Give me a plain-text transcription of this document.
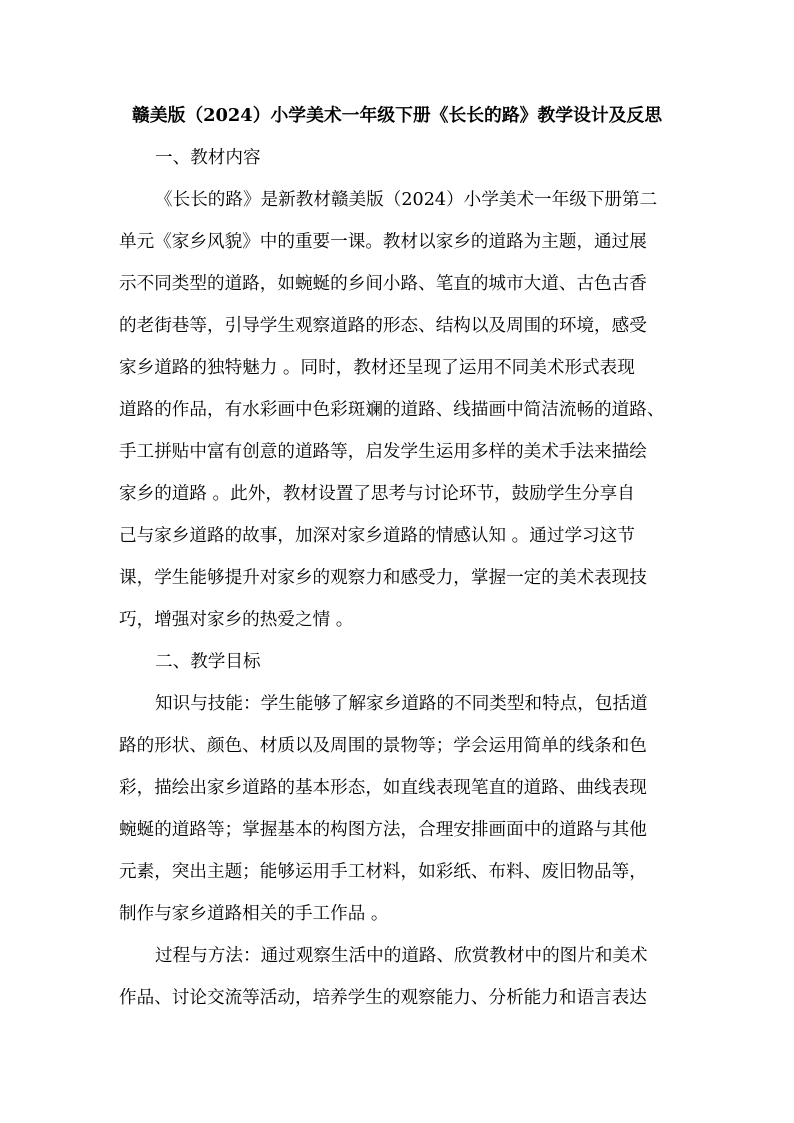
赣美版（2024）小学美术一年级下册《长长的路》教学设计及反思
一、教材内容
《长长的路》是新教材赣美版（2024）小学美术一年级下册第二
单元《家乡风貌》中的重要一课。教材以家乡的道路为主题，通过展
示不同类型的道路，如蜿蜒的乡间小路、笔直的城市大道、古色古香
的老街巷等，引导学生观察道路的形态、结构以及周围的环境，感受
家乡道路的独特魅力 。同时，教材还呈现了运用不同美术形式表现
道路的作品，有水彩画中色彩斑斓的道路、线描画中简洁流畅的道路、
手工拼贴中富有创意的道路等，启发学生运用多样的美术手法来描绘
家乡的道路 。此外，教材设置了思考与讨论环节，鼓励学生分享自
己与家乡道路的故事，加深对家乡道路的情感认知 。通过学习这节
课，学生能够提升对家乡的观察力和感受力，掌握一定的美术表现技
巧，增强对家乡的热爱之情 。
二、教学目标
知识与技能：学生能够了解家乡道路的不同类型和特点，包括道
路的形状、颜色、材质以及周围的景物等；学会运用简单的线条和色
彩，描绘出家乡道路的基本形态，如直线表现笔直的道路、曲线表现
蜿蜒的道路等；掌握基本的构图方法，合理安排画面中的道路与其他
元素，突出主题；能够运用手工材料，如彩纸、布料、废旧物品等，
制作与家乡道路相关的手工作品 。
过程与方法：通过观察生活中的道路、欣赏教材中的图片和美术
作品、讨论交流等活动，培养学生的观察能力、分析能力和语言表达
